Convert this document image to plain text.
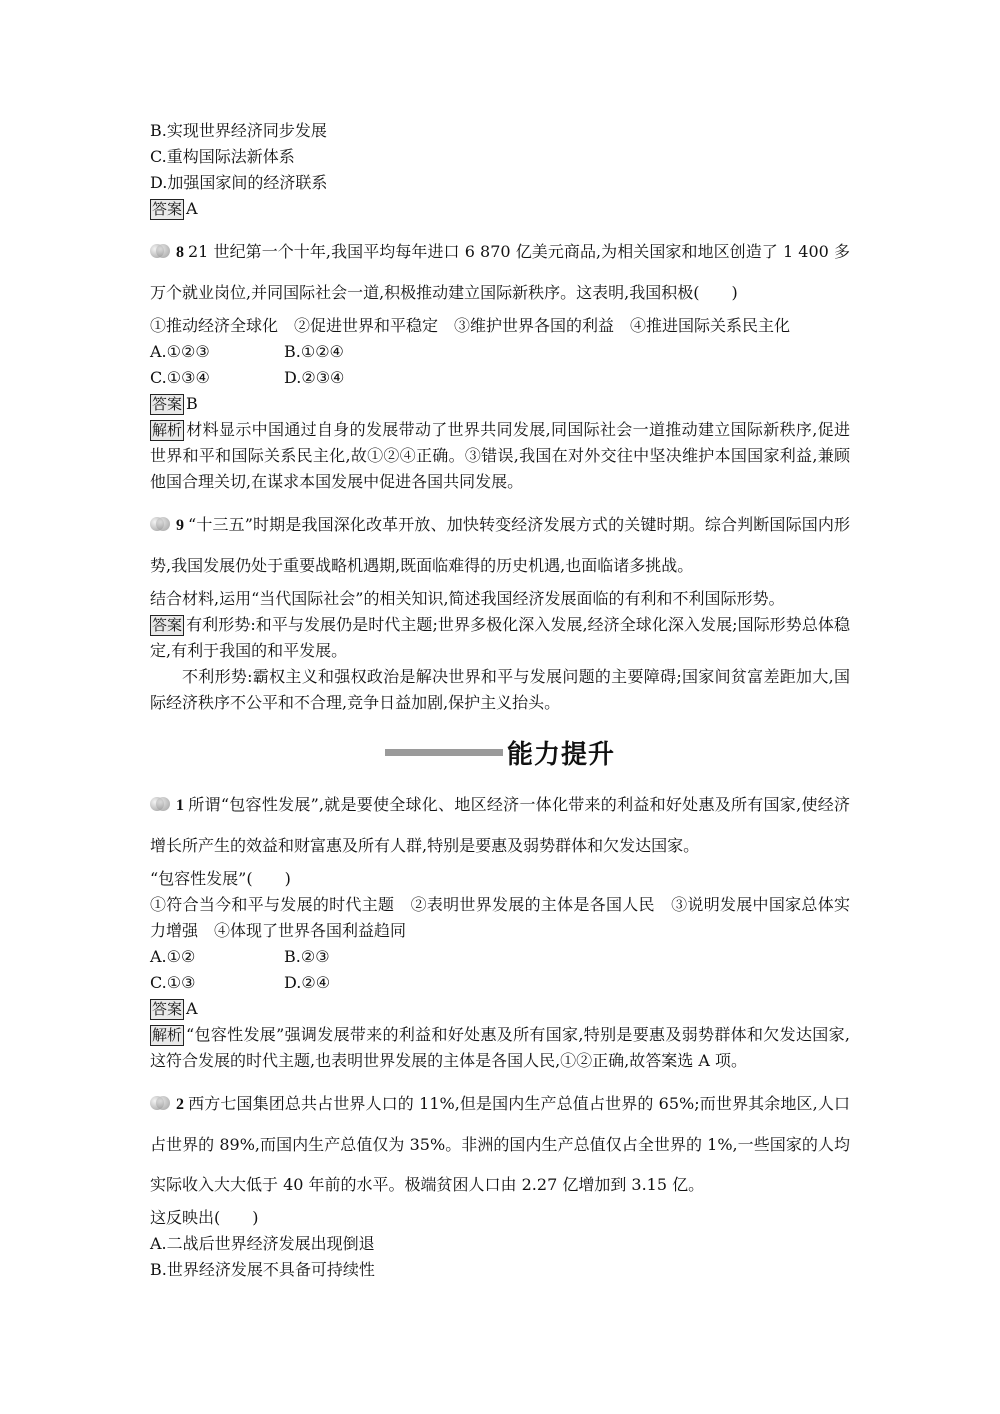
B.实现世界经济同步发展

C.重构国际法新体系

D.加强国家间的经济联系

答案 A

8 21 世纪第一个十年,我国平均每年进口 6 870 亿美元商品,为相关国家和地区创造了 1 400 多万个就业岗位,并同国际社会一道,积极推动建立国际新秩序。这表明,我国积极(　　)

①推动经济全球化　②促进世界和平稳定　③维护世界各国的利益　④推进国际关系民主化

A.①②③	B.①②④
C.①③④	D.②③④

答案 B

解析 材料显示中国通过自身的发展带动了世界共同发展,同国际社会一道推动建立国际新秩序,促进世界和平和国际关系民主化,故①②④正确。③错误,我国在对外交往中坚决维护本国国家利益,兼顾他国合理关切,在谋求本国发展中促进各国共同发展。

9 “十三五”时期是我国深化改革开放、加快转变经济发展方式的关键时期。综合判断国际国内形势,我国发展仍处于重要战略机遇期,既面临难得的历史机遇,也面临诸多挑战。

结合材料,运用“当代国际社会”的相关知识,简述我国经济发展面临的有利和不利国际形势。

答案 有利形势:和平与发展仍是时代主题;世界多极化深入发展,经济全球化深入发展;国际形势总体稳定,有利于我国的和平发展。

不利形势:霸权主义和强权政治是解决世界和平与发展问题的主要障碍;国家间贫富差距加大,国际经济秩序不公平和不合理,竞争日益加剧,保护主义抬头。

能力提升

1 所谓“包容性发展”,就是要使全球化、地区经济一体化带来的利益和好处惠及所有国家,使经济增长所产生的效益和财富惠及所有人群,特别是要惠及弱势群体和欠发达国家。

“包容性发展”(　　)

①符合当今和平与发展的时代主题　②表明世界发展的主体是各国人民　③说明发展中国家总体实力增强　④体现了世界各国利益趋同

A.①②	B.②③
C.①③	D.②④

答案 A

解析 “包容性发展”强调发展带来的利益和好处惠及所有国家,特别是要惠及弱势群体和欠发达国家,这符合发展的时代主题,也表明世界发展的主体是各国人民,①②正确,故答案选 A 项。

2 西方七国集团总共占世界人口的 11%,但是国内生产总值占世界的 65%;而世界其余地区,人口占世界的 89%,而国内生产总值仅为 35%。非洲的国内生产总值仅占全世界的 1%,一些国家的人均实际收入大大低于 40 年前的水平。极端贫困人口由 2.27 亿增加到 3.15 亿。

这反映出(　　)

A.二战后世界经济发展出现倒退

B.世界经济发展不具备可持续性
